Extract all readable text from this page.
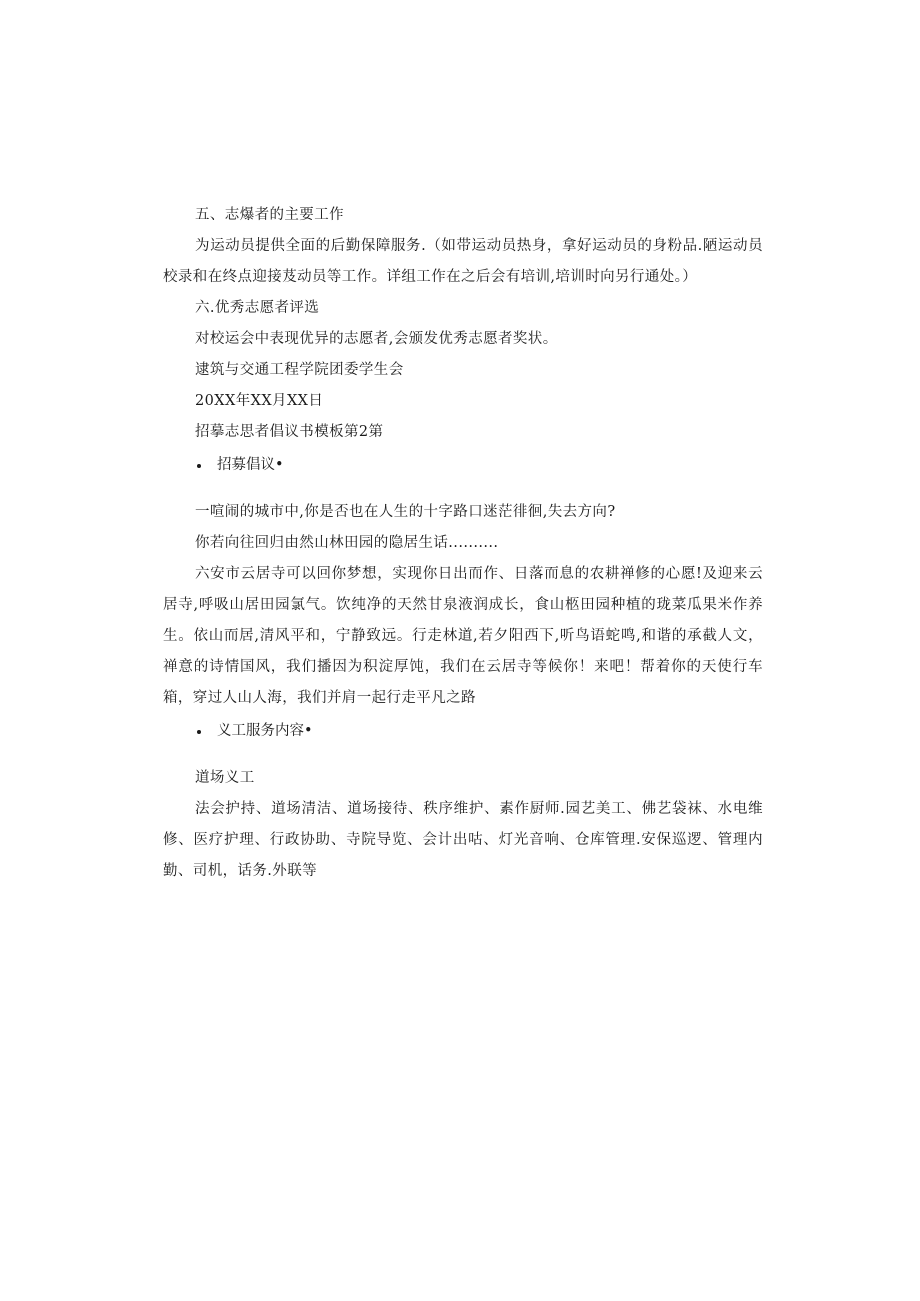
五、志爆者的主要工作

为运动员提供全面的后勤保障服务.（如带运动员热身，拿好运动员的身粉品.陋运动员校录和在终点迎接芨动员等工作。详组工作在之后会有培训,培训时向另行通处。）

六.优秀志愿者评选

对校运会中表现优异的志愿者,会颁发优秀志愿者奖状。

逮筑与交通工程学院团委学生会

20XX年XX月XX日

招摹志思者倡议书模板第2第

招募倡议•

一喧闹的城市中,你是否也在人生的十字路口迷茫徘徊,失去方向?

你若向往回归由然山林田园的隐居生话..........

六安市云居寺可以回你梦想，实现你日出而作、日落而息的农耕禅修的心愿!及迎来云居寺,呼吸山居田园氯气。饮纯净的天然甘泉液润成长，食山柩田园种植的珑菜瓜果米作养生。依山而居,清风平和，宁静致远。行走林道,若夕阳西下,听鸟语蛇鸣,和谐的承截人文，禅意的诗情国风，我们播因为积淀厚饨，我们在云居寺等候你！来吧！帮着你的天使行车箱，穿过人山人海，我们并肩一起行走平凡之路

义工服务内容•

道场义工

法会护持、道场清洁、道场接待、秩序维护、素作厨师.园艺美工、佛艺袋袜、水电维修、医疗护理、行政协助、寺院导览、会计出咕、灯光音响、仓库管理.安保巡逻、管理内勤、司机，话务.外联等
